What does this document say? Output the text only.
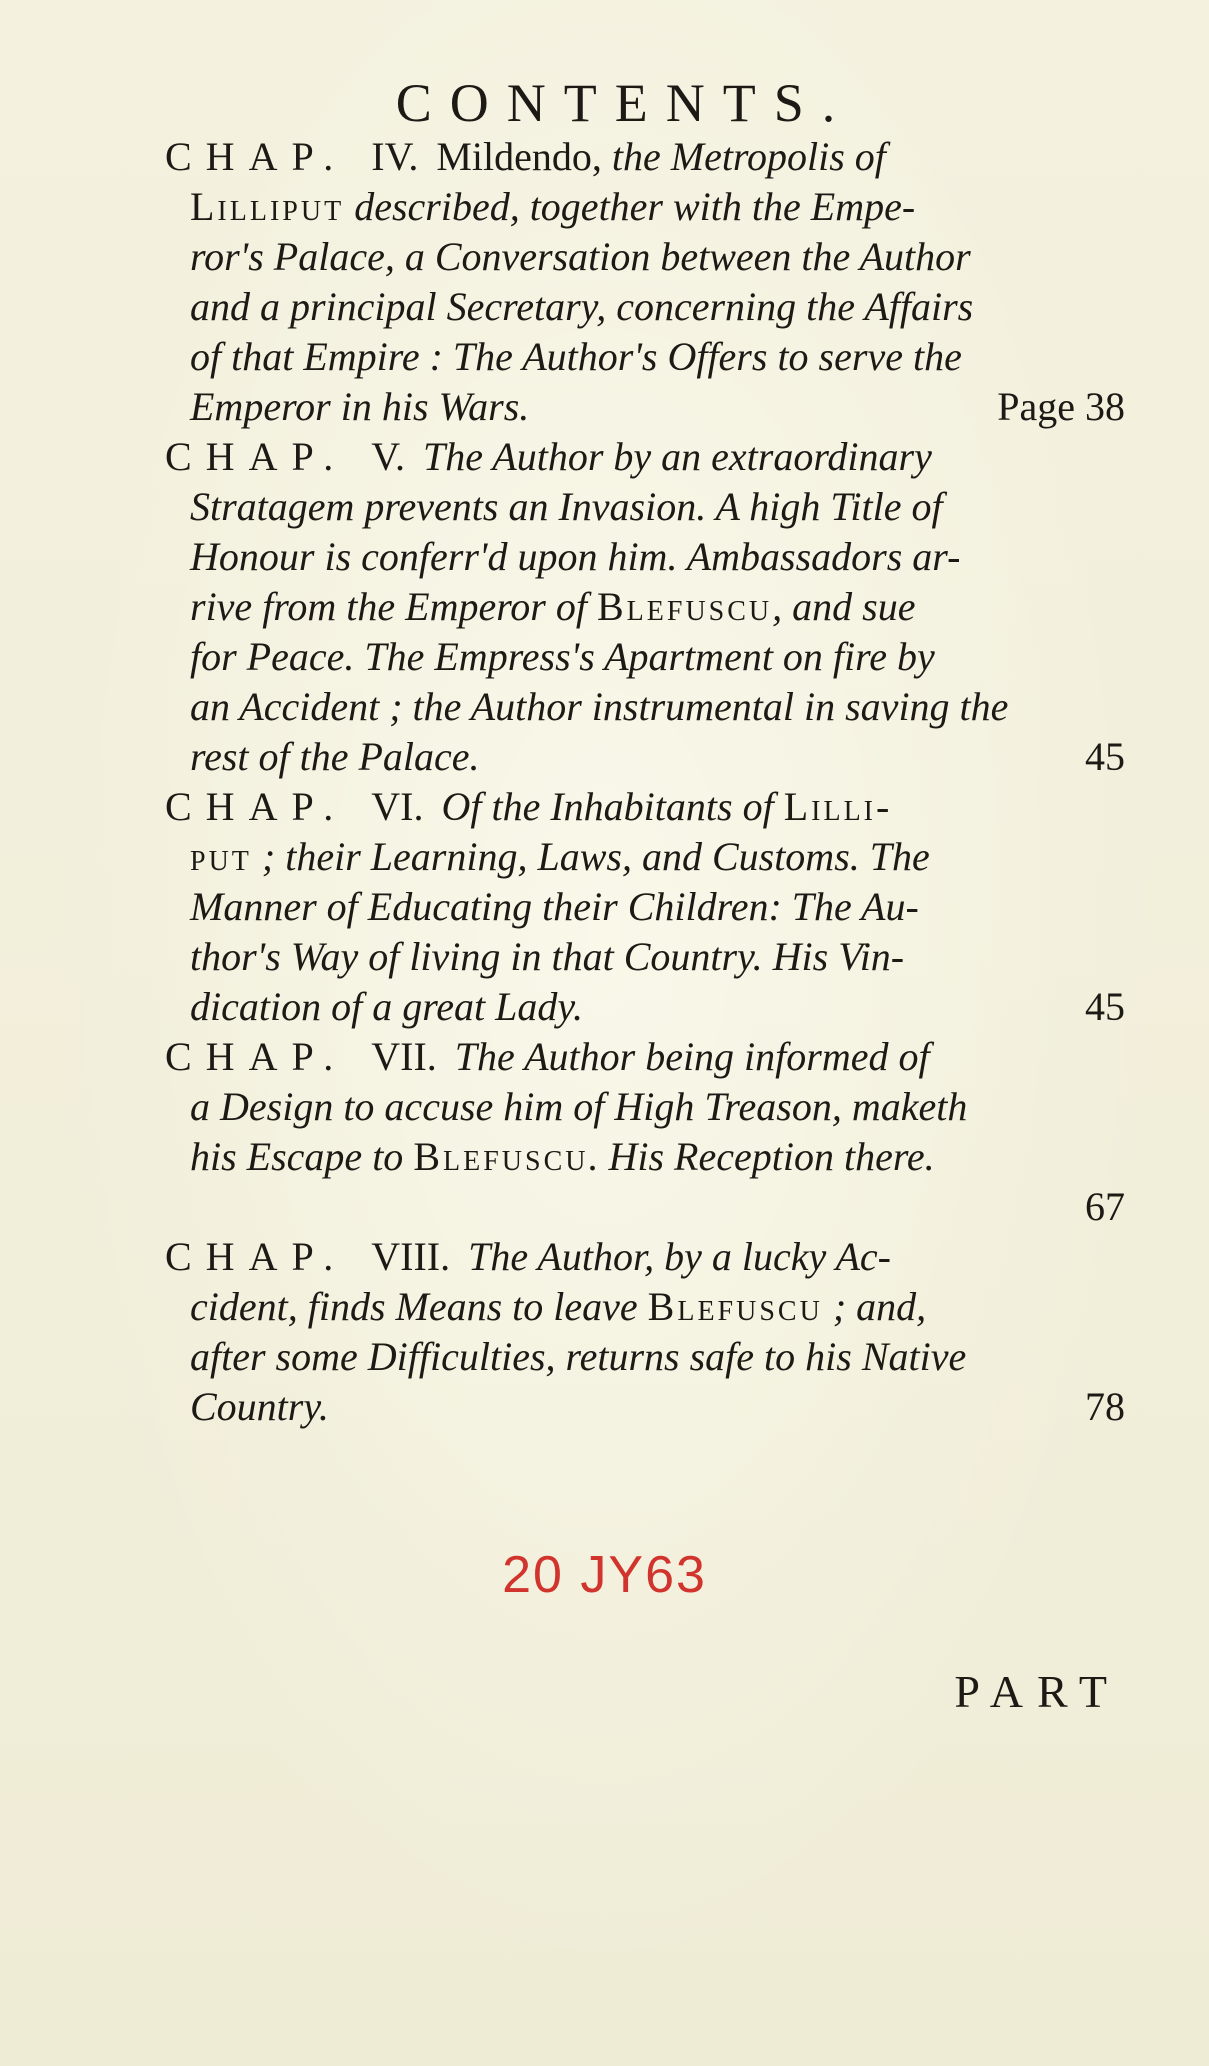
CONTENTS.
CHAP. IV. Mildendo, the Metropolis of
Lilliput described, together with the Empe-
ror's Palace, a Conversation between the Author
and a principal Secretary, concerning the Affairs
of that Empire : The Author's Offers to serve the
Emperor in his Wars.	Page 38
CHAP. V. The Author by an extraordinary
Stratagem prevents an Invasion. A high Title of
Honour is conferr'd upon him. Ambassadors ar-
rive from the Emperor of Blefuscu, and sue
for Peace. The Empress's Apartment on fire by
an Accident ; the Author instrumental in saving the
rest of the Palace.	45
CHAP. VI. Of the Inhabitants of Lilli-
put ; their Learning, Laws, and Customs. The
Manner of Educating their Children: The Au-
thor's Way of living in that Country. His Vin-
dication of a great Lady.	45
CHAP. VII. The Author being informed of
a Design to accuse him of High Treason, maketh
his Escape to Blefuscu. His Reception there.
67
CHAP. VIII. The Author, by a lucky Ac-
cident, finds Means to leave Blefuscu ; and,
after some Difficulties, returns safe to his Native
Country.	78
20 JY63
PART
